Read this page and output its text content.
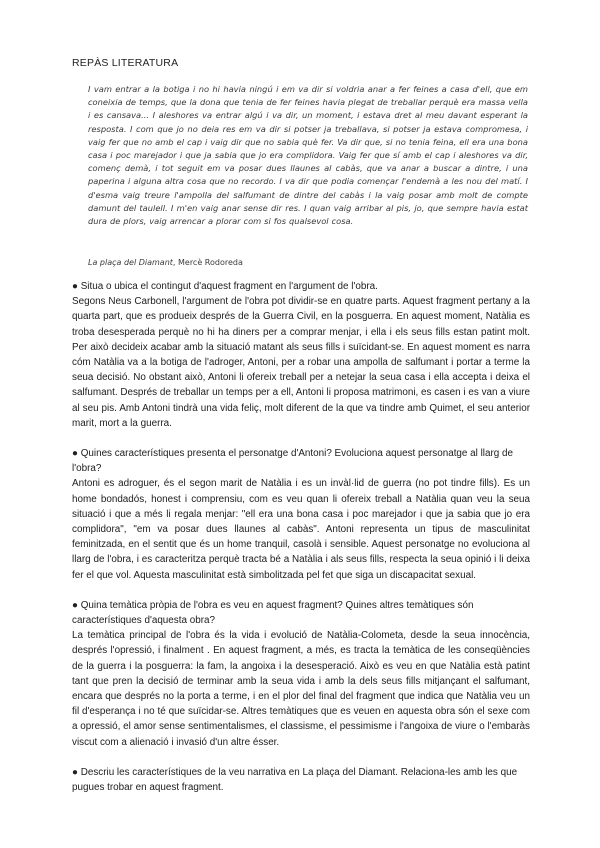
REPÀS LITERATURA
I vam entrar a la botiga i no hi havia ningú i em va dir si voldria anar a fer feines a casa d'ell, que em coneixia de temps, que la dona que tenia de fer feines havia plegat de treballar perquè era massa vella i es cansava... I aleshores va entrar algú i va dir, un moment, i estava dret al meu davant esperant la resposta. I com que jo no deia res em va dir si potser ja treballava, si potser ja estava compromesa, i vaig fer que no amb el cap i vaig dir que no sabia què fer. Va dir que, si no tenia feina, ell era una bona casa i poc marejador i que ja sabia que jo era complidora. Vaig fer que sí amb el cap i aleshores va dir, començ demà, i tot seguit em va posar dues llaunes al cabàs, que va anar a buscar a dintre, i una paperina i alguna altra cosa que no recordo. I va dir que podia començar l'endemà a les nou del matí. I d'esma vaig treure l'ampolla del salfumant de dintre del cabàs i la vaig posar amb molt de compte damunt del taulell. I m'en vaig anar sense dir res. I quan vaig arribar al pis, jo, que sempre havia estat dura de plors, vaig arrencar a plorar com si fos qualsevol cosa.
La plaça del Diamant, Mercè Rodoreda

● Situa o ubica el contingut d'aquest fragment en l'argument de l'obra.

Segons Neus Carbonell, l'argument de l'obra pot dividir-se en quatre parts. Aquest fragment pertany a la quarta part, que es produeix després de la Guerra Civil, en la posguerra. En aquest moment, Natàlia es troba desesperada perquè no hi ha diners per a comprar menjar, i ella i els seus fills estan patint molt. Per això decideix acabar amb la situació matant als seus fills i suïcidant-se. En aquest moment es narra cóm Natàlia va a la botiga de l'adroger, Antoni, per a robar una ampolla de salfumant i portar a terme la seua decisió. No obstant això, Antoni li ofereix treball per a netejar la seua casa i ella accepta i deixa el salfumant. Després de treballar un temps per a ell, Antoni li proposa matrimoni, es casen i es van a viure al seu pis. Amb Antoni tindrà una vida feliç, molt diferent de la que va tindre amb Quimet, el seu anterior marit, mort a la guerra.

● Quines característiques presenta el personatge d'Antoni? Evoluciona aquest personatge al llarg de l'obra?

Antoni es adroguer, és el segon marit de Natàlia i es un invàl·lid de guerra (no pot tindre fills). Es un home bondadós, honest i comprensiu, com es veu quan li ofereix treball a Natàlia quan veu la seua situació i que a més li regala menjar: "ell era una bona casa i poc marejador i que ja sabia que jo era complidora", "em va posar dues llaunes al cabàs". Antoni representa un tipus de masculinitat feminitzada, en el sentit que és un home tranquil, casolà i sensible. Aquest personatge no evoluciona al llarg de l'obra, i es caracteritza perquè tracta bé a Natàlia i als seus fills, respecta la seua opinió i li deixa fer el que vol. Aquesta masculinitat està simbolitzada pel fet que siga un discapacitat sexual.

● Quina temàtica pròpia de l'obra es veu en aquest fragment? Quines altres temàtiques són característiques d'aquesta obra?

La temàtica principal de l'obra és la vida i evolució de Natàlia-Colometa, desde la seua innocència, després l'opressió, i finalment . En aquest fragment, a més, es tracta la temàtica de les conseqüències de la guerra i la posguerra: la fam, la angoixa i la desesperació. Això es veu en que Natàlia està patint tant que pren la decisió de terminar amb la seua vida i amb la dels seus fills mitjançant el salfumant, encara que després no la porta a terme, i en el plor del final del fragment que indica que Natàlia veu un fil d'esperança i no té que suïcidar-se. Altres temàtiques que es veuen en aquesta obra són el sexe com a opressió, el amor sense sentimentalismes, el classisme, el pessimisme i l'angoixa de viure o l'embaràs viscut com a alienació i invasió d'un altre ésser.

● Descriu les característiques de la veu narrativa en La plaça del Diamant. Relaciona-les amb les que pugues trobar en aquest fragment.
